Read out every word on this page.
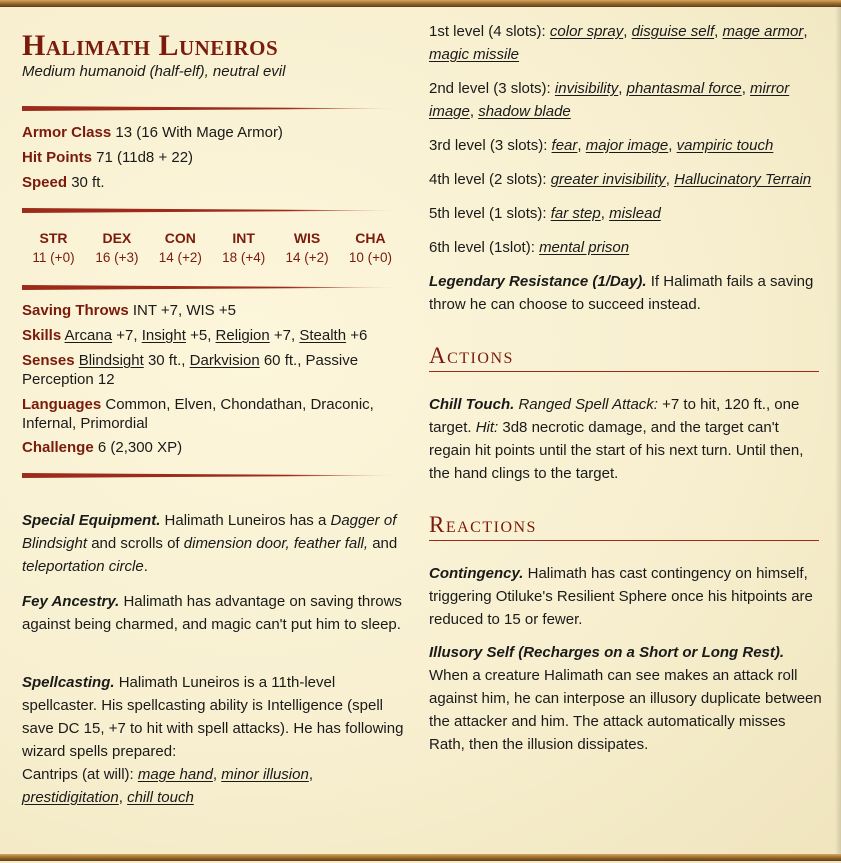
Halimath Luneiros
Medium humanoid (half-elf), neutral evil
Armor Class 13 (16 With Mage Armor)
Hit Points 71 (11d8 + 22)
Speed 30 ft.
STR
11 (+0)
DEX
16 (+3)
CON
14 (+2)
INT
18 (+4)
WIS
14 (+2)
CHA
10 (+0)
Saving Throws INT +7, WIS +5
Skills Arcana +7, Insight +5, Religion +7, Stealth +6
Senses Blindsight 30 ft., Darkvision 60 ft., Passive
Perception 12
Languages Common, Elven, Chondathan, Draconic,
Infernal, Primordial
Challenge 6 (2,300 XP)
Special Equipment. Halimath Luneiros has a Dagger of Blindsight and scrolls of dimension door, feather fall, and teleportation circle.
Fey Ancestry. Halimath has advantage on saving throws against being charmed, and magic can't put him to sleep.
Spellcasting. Halimath Luneiros is a 11th-level spellcaster. His spellcasting ability is Intelligence (spell save DC 15, +7 to hit with spell attacks). He has following wizard spells prepared:
Cantrips (at will): mage hand, minor illusion, prestidigitation, chill touch
1st level (4 slots): color spray, disguise self, mage armor, magic missile
2nd level (3 slots): invisibility, phantasmal force, mirror image, shadow blade
3rd level (3 slots): fear, major image, vampiric touch
4th level (2 slots): greater invisibility, Hallucinatory Terrain
5th level (1 slots): far step, mislead
6th level (1slot): mental prison
Legendary Resistance (1/Day). If Halimath fails a saving throw he can choose to succeed instead.
Actions
Chill Touch. Ranged Spell Attack: +7 to hit, 120 ft., one target. Hit: 3d8 necrotic damage, and the target can't regain hit points until the start of his next turn. Until then, the hand clings to the target.
Reactions
Contingency. Halimath has cast contingency on himself, triggering Otiluke's Resilient Sphere once his hitpoints are reduced to 15 or fewer.
Illusory Self (Recharges on a Short or Long Rest). When a creature Halimath can see makes an attack roll against him, he can interpose an illusory duplicate between the attacker and him. The attack automatically misses Rath, then the illusion dissipates.
